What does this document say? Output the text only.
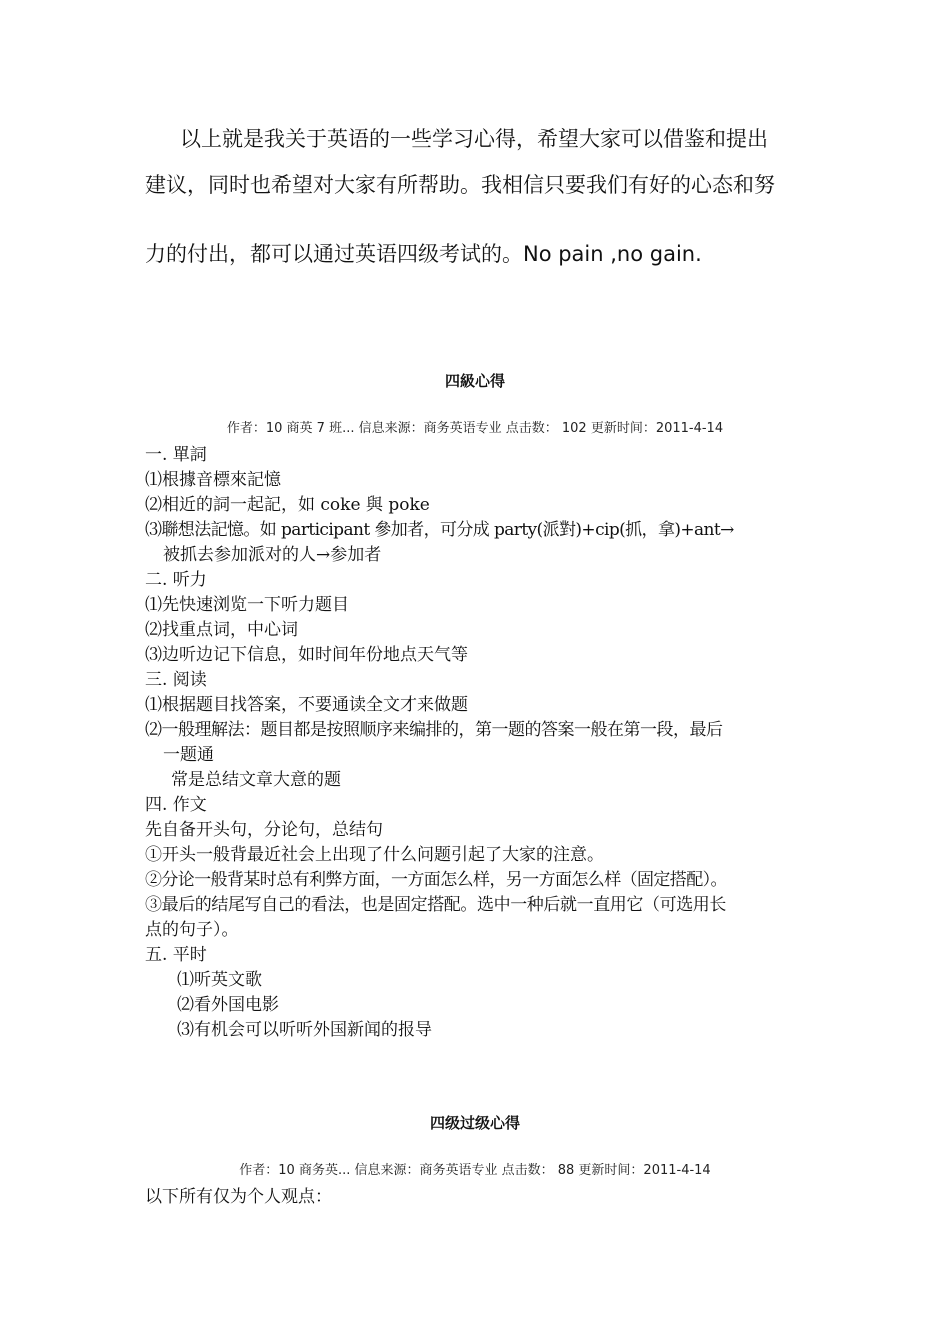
以上就是我关于英语的一些学习心得，希望大家可以借鉴和提出
建议，同时也希望对大家有所帮助。我相信只要我们有好的心态和努
力的付出，都可以通过英语四级考试的。No pain ,no gain.
四級心得
作者：10 商英 7 班... 信息来源：商务英语专业 点击数： 102 更新时间：2011-4-14
一. 單詞
⑴根據音標來記憶
⑵相近的詞一起記，如 coke 與 poke
⑶聯想法記憶。如 participant 參加者，可分成 party(派對)+cip(抓，拿)+ant→
被抓去参加派对的人→参加者
二. 听力
⑴先快速浏览一下听力题目
⑵找重点词，中心词
⑶边听边记下信息，如时间年份地点天气等
三. 阅读
⑴根据题目找答案，不要通读全文才来做题
⑵一般理解法：题目都是按照顺序来编排的，第一题的答案一般在第一段，最后
一题通
常是总结文章大意的题
四. 作文
先自备开头句，分论句，总结句
①开头一般背最近社会上出现了什么问题引起了大家的注意。
②分论一般背某时总有利弊方面，一方面怎么样，另一方面怎么样（固定搭配）。
③最后的结尾写自己的看法，也是固定搭配。选中一种后就一直用它（可选用长
点的句子）。
五. 平时
⑴听英文歌
⑵看外国电影
⑶有机会可以听听外国新闻的报导
四级过级心得
作者：10 商务英... 信息来源：商务英语专业 点击数： 88 更新时间：2011-4-14
以下所有仅为个人观点：
